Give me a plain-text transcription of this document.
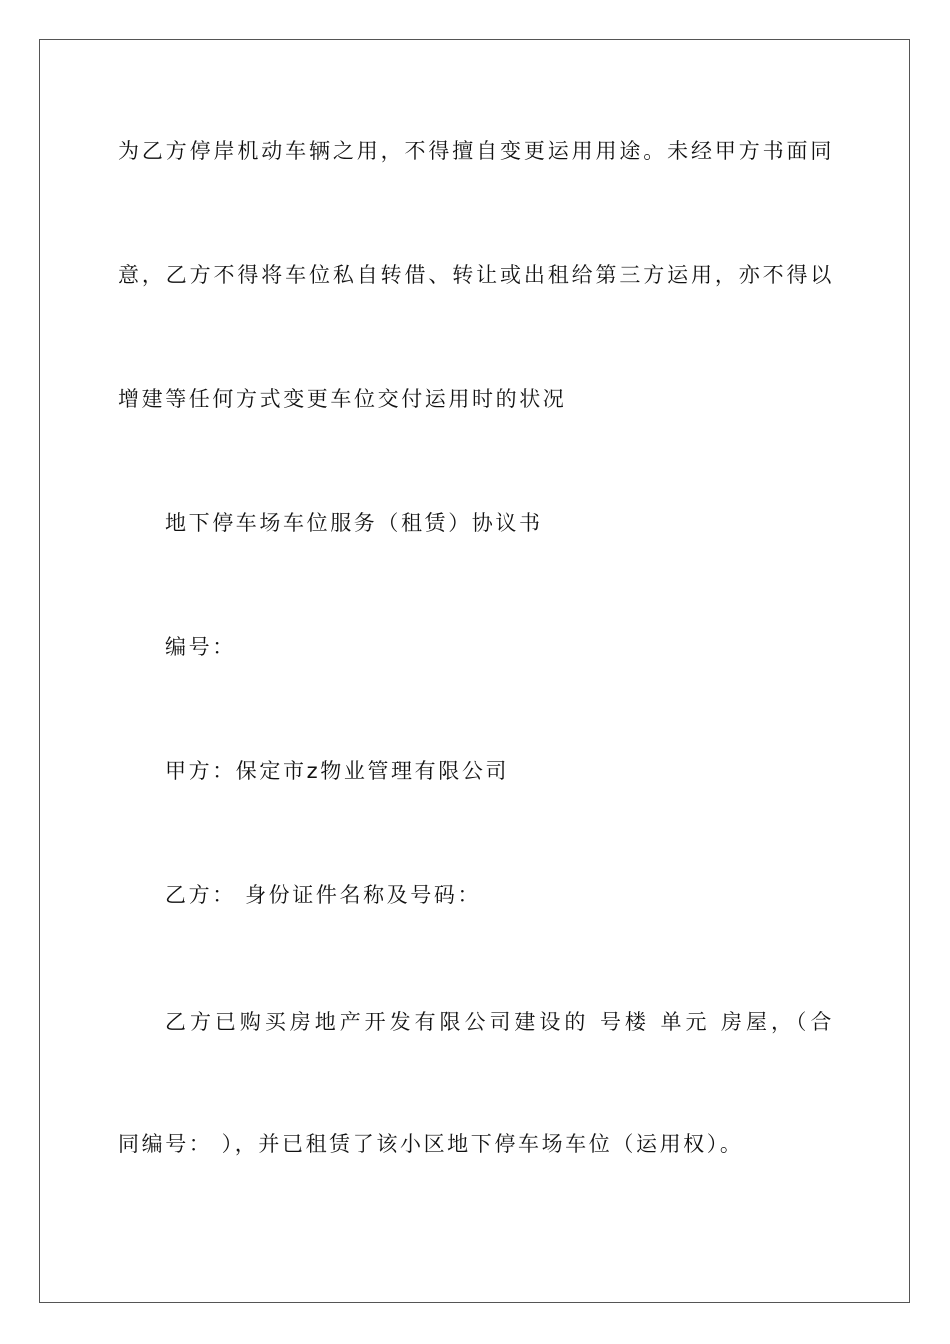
为乙方停岸机动车辆之用，不得擅自变更运用用途。未经甲方书面同
意，乙方不得将车位私自转借、转让或出租给第三方运用，亦不得以
增建等任何方式变更车位交付运用时的状况
地下停车场车位服务（租赁）协议书
编号：
甲方：保定市z物业管理有限公司
乙方： 身份证件名称及号码：
乙方已购买房地产开发有限公司建设的 号楼 单元 房屋，（合
同编号： ），并已租赁了该小区地下停车场车位（运用权）。
